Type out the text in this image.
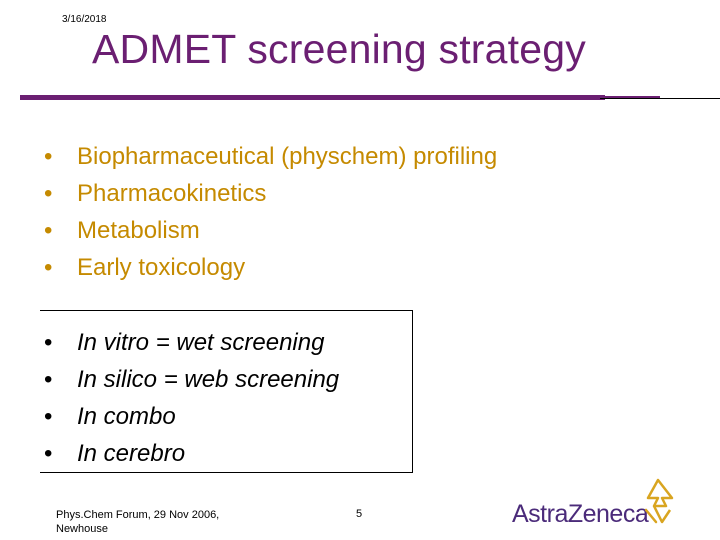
3/16/2018
ADMET screening strategy
• Biopharmaceutical (physchem) profiling
• Pharmacokinetics
• Metabolism
• Early toxicology
• In vitro = wet screening
• In silico = web screening
• In combo
• In cerebro
Phys.Chem Forum, 29 Nov 2006,
Newhouse
5	AstraZeneca
